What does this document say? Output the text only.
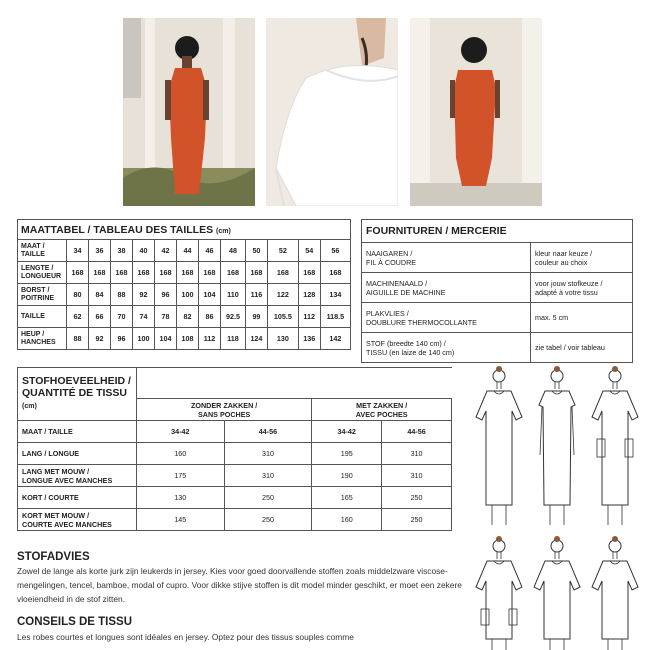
MAATTABEL / TABLEAU DES TAILLES (cm)												
MAAT /
TAILLE	34	36	38	40	42	44	46	48	50	52	54	56
LENGTE /
LONGUEUR	168	168	168	168	168	168	168	168	168	168	168	168
BORST /
POITRINE	80	84	88	92	96	100	104	110	116	122	128	134
TAILLE	62	66	70	74	78	82	86	92.5	99	105.5	112	118.5
HEUP /
HANCHES	88	92	96	100	104	108	112	118	124	130	136	142
FOURNITUREN / MERCERIE	
NAAIGAREN /
FIL À COUDRE	kleur naar keuze /
couleur au choix
MACHINENAALD /
AIGUILLE DE MACHINE	voor jouw stofkeuze /
adapté à votre tissu
PLAKVLIES /
DOUBLURE THERMOCOLLANTE	max. 5 cm
STOF (breedte 140 cm) /
TISSU (en laize de 140 cm)	zie tabel / voir tableau
STOFHOEVEELHEID /
QUANTITÉ DE TISSU (cm)				
	ZONDER ZAKKEN /
SANS POCHES		MET ZAKKEN /
AVEC POCHES	
MAAT / TAILLE	34-42	44-56	34-42	44-56
LANG / LONGUE	160	310	195	310
LANG MET MOUW /
LONGUE AVEC MANCHES	175	310	190	310
KORT / COURTE	130	250	165	250
KORT MET MOUW /
COURTE AVEC MANCHES	145	250	160	250
STOFADVIES
Zowel de lange als korte jurk zijn leukerds in jersey. Kies voor goed doorvallende stoffen zoals middelzware viscose-mengelingen, tencel, bamboe, modal of cupro. Voor dikke stijve stoffen is dit model minder geschikt, er moet een zekere vloeiendheid in de stof zitten.
CONSEILS DE TISSU
Les robes courtes et longues sont idéales en jersey. Optez pour des tissus souples comme
